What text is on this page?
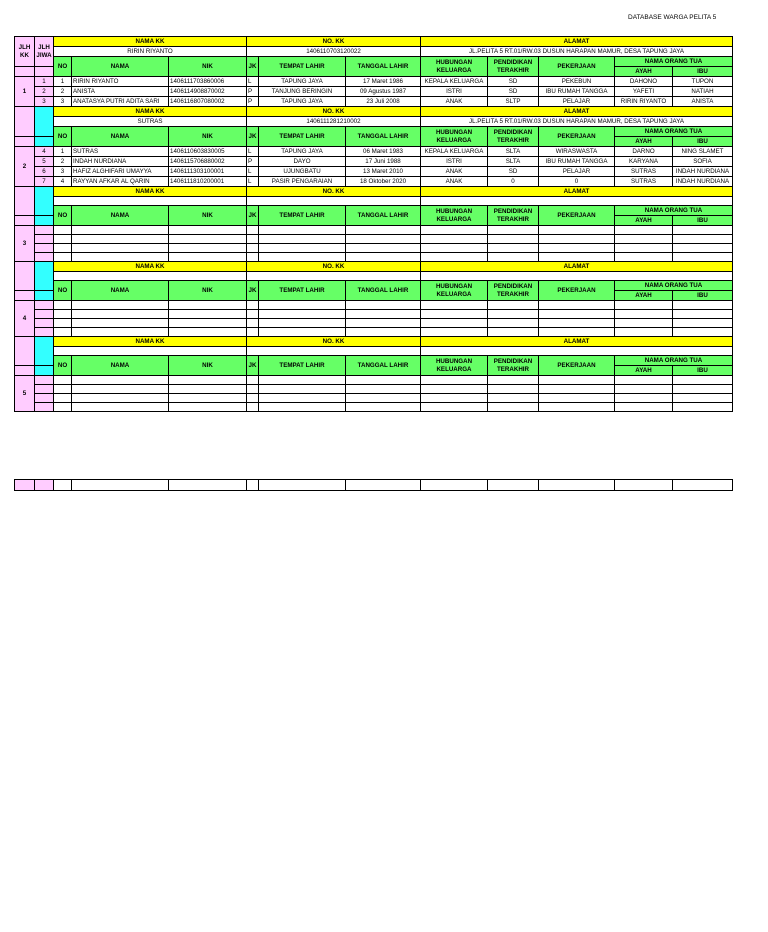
DATABASE WARGA PELITA 5
JLH KK	JLH JIWA	NAMA KK			NO. KK			ALAMAT				
		RIRIN RIYANTO			1406110703120022			JL.PELITA 5 RT.01/RW.03 DUSUN HARAPAN MAMUR, DESA TAPUNG JAYA				
		NO	NAMA	NIK	JK	TEMPAT LAHIR	TANGGAL LAHIR	HUBUNGAN KELUARGA	PENDIDIKAN TERAKHIR	PEKERJAAN	NAMA ORANG TUA	
											AYAH	IBU
1	1	1	RIRIN RIYANTO	1406111703860006	L	TAPUNG JAYA	17 Maret 1986	KEPALA KELUARGA	SD	PEKEBUN	DAHONO	TUPON
	2	2	ANISTA	1406114908870002	P	TANJUNG BERINGIN	09 Agustus 1987	ISTRI	SD	IBU RUMAH TANGGA	YAFETI	NATIAH
	3	3	ANATASYA PUTRI ADITA SARI	1406116807080002	P	TAPUNG JAYA	23 Juli 2008	ANAK	SLTP	PELAJAR	RIRIN RIYANTO	ANISTA
		NAMA KK			NO. KK			ALAMAT				
		SUTRAS			1406111281210002			JL.PELITA 5 RT.01/RW.03 DUSUN HARAPAN MAMUR, DESA TAPUNG JAYA				
		NO	NAMA	NIK	JK	TEMPAT LAHIR	TANGGAL LAHIR	HUBUNGAN KELUARGA	PENDIDIKAN TERAKHIR	PEKERJAAN	NAMA ORANG TUA	
											AYAH	IBU
2	4	1	SUTRAS	1406110603830005	L	TAPUNG JAYA	06 Maret 1983	KEPALA KELUARGA	SLTA	WIRASWASTA	DARNO	NING SLAMET
	5	2	INDAH NURDIANA	1406115706880002	P	DAYO	17 Juni 1988	ISTRI	SLTA	IBU RUMAH TANGGA	KARYANA	SOFIA
	6	3	HAFIZ ALGHIFARI UMAYYA	1406111303100001	L	UJUNGBATU	13 Maret 2010	ANAK	SD	PELAJAR	SUTRAS	INDAH NURDIANA
	7	4	RAYYAN AFKAR AL QARIN	1406111810200001	L	PASIR PENGARAIAN	18 Oktober 2020	ANAK	0	0	SUTRAS	INDAH NURDIANA
		NAMA KK			NO. KK			ALAMAT				

		NO	NAMA	NIK	JK	TEMPAT LAHIR	TANGGAL LAHIR	HUBUNGAN KELUARGA	PENDIDIKAN TERAKHIR	PEKERJAAN	NAMA ORANG TUA	
											AYAH	IBU
3												

		NAMA KK			NO. KK			ALAMAT				

		NO	NAMA	NIK	JK	TEMPAT LAHIR	TANGGAL LAHIR	HUBUNGAN KELUARGA	PENDIDIKAN TERAKHIR	PEKERJAAN	NAMA ORANG TUA	
											AYAH	IBU
4												

		NAMA KK			NO. KK			ALAMAT				

		NO	NAMA	NIK	JK	TEMPAT LAHIR	TANGGAL LAHIR	HUBUNGAN KELUARGA	PENDIDIKAN TERAKHIR	PEKERJAAN	NAMA ORANG TUA	
											AYAH	IBU
5												
